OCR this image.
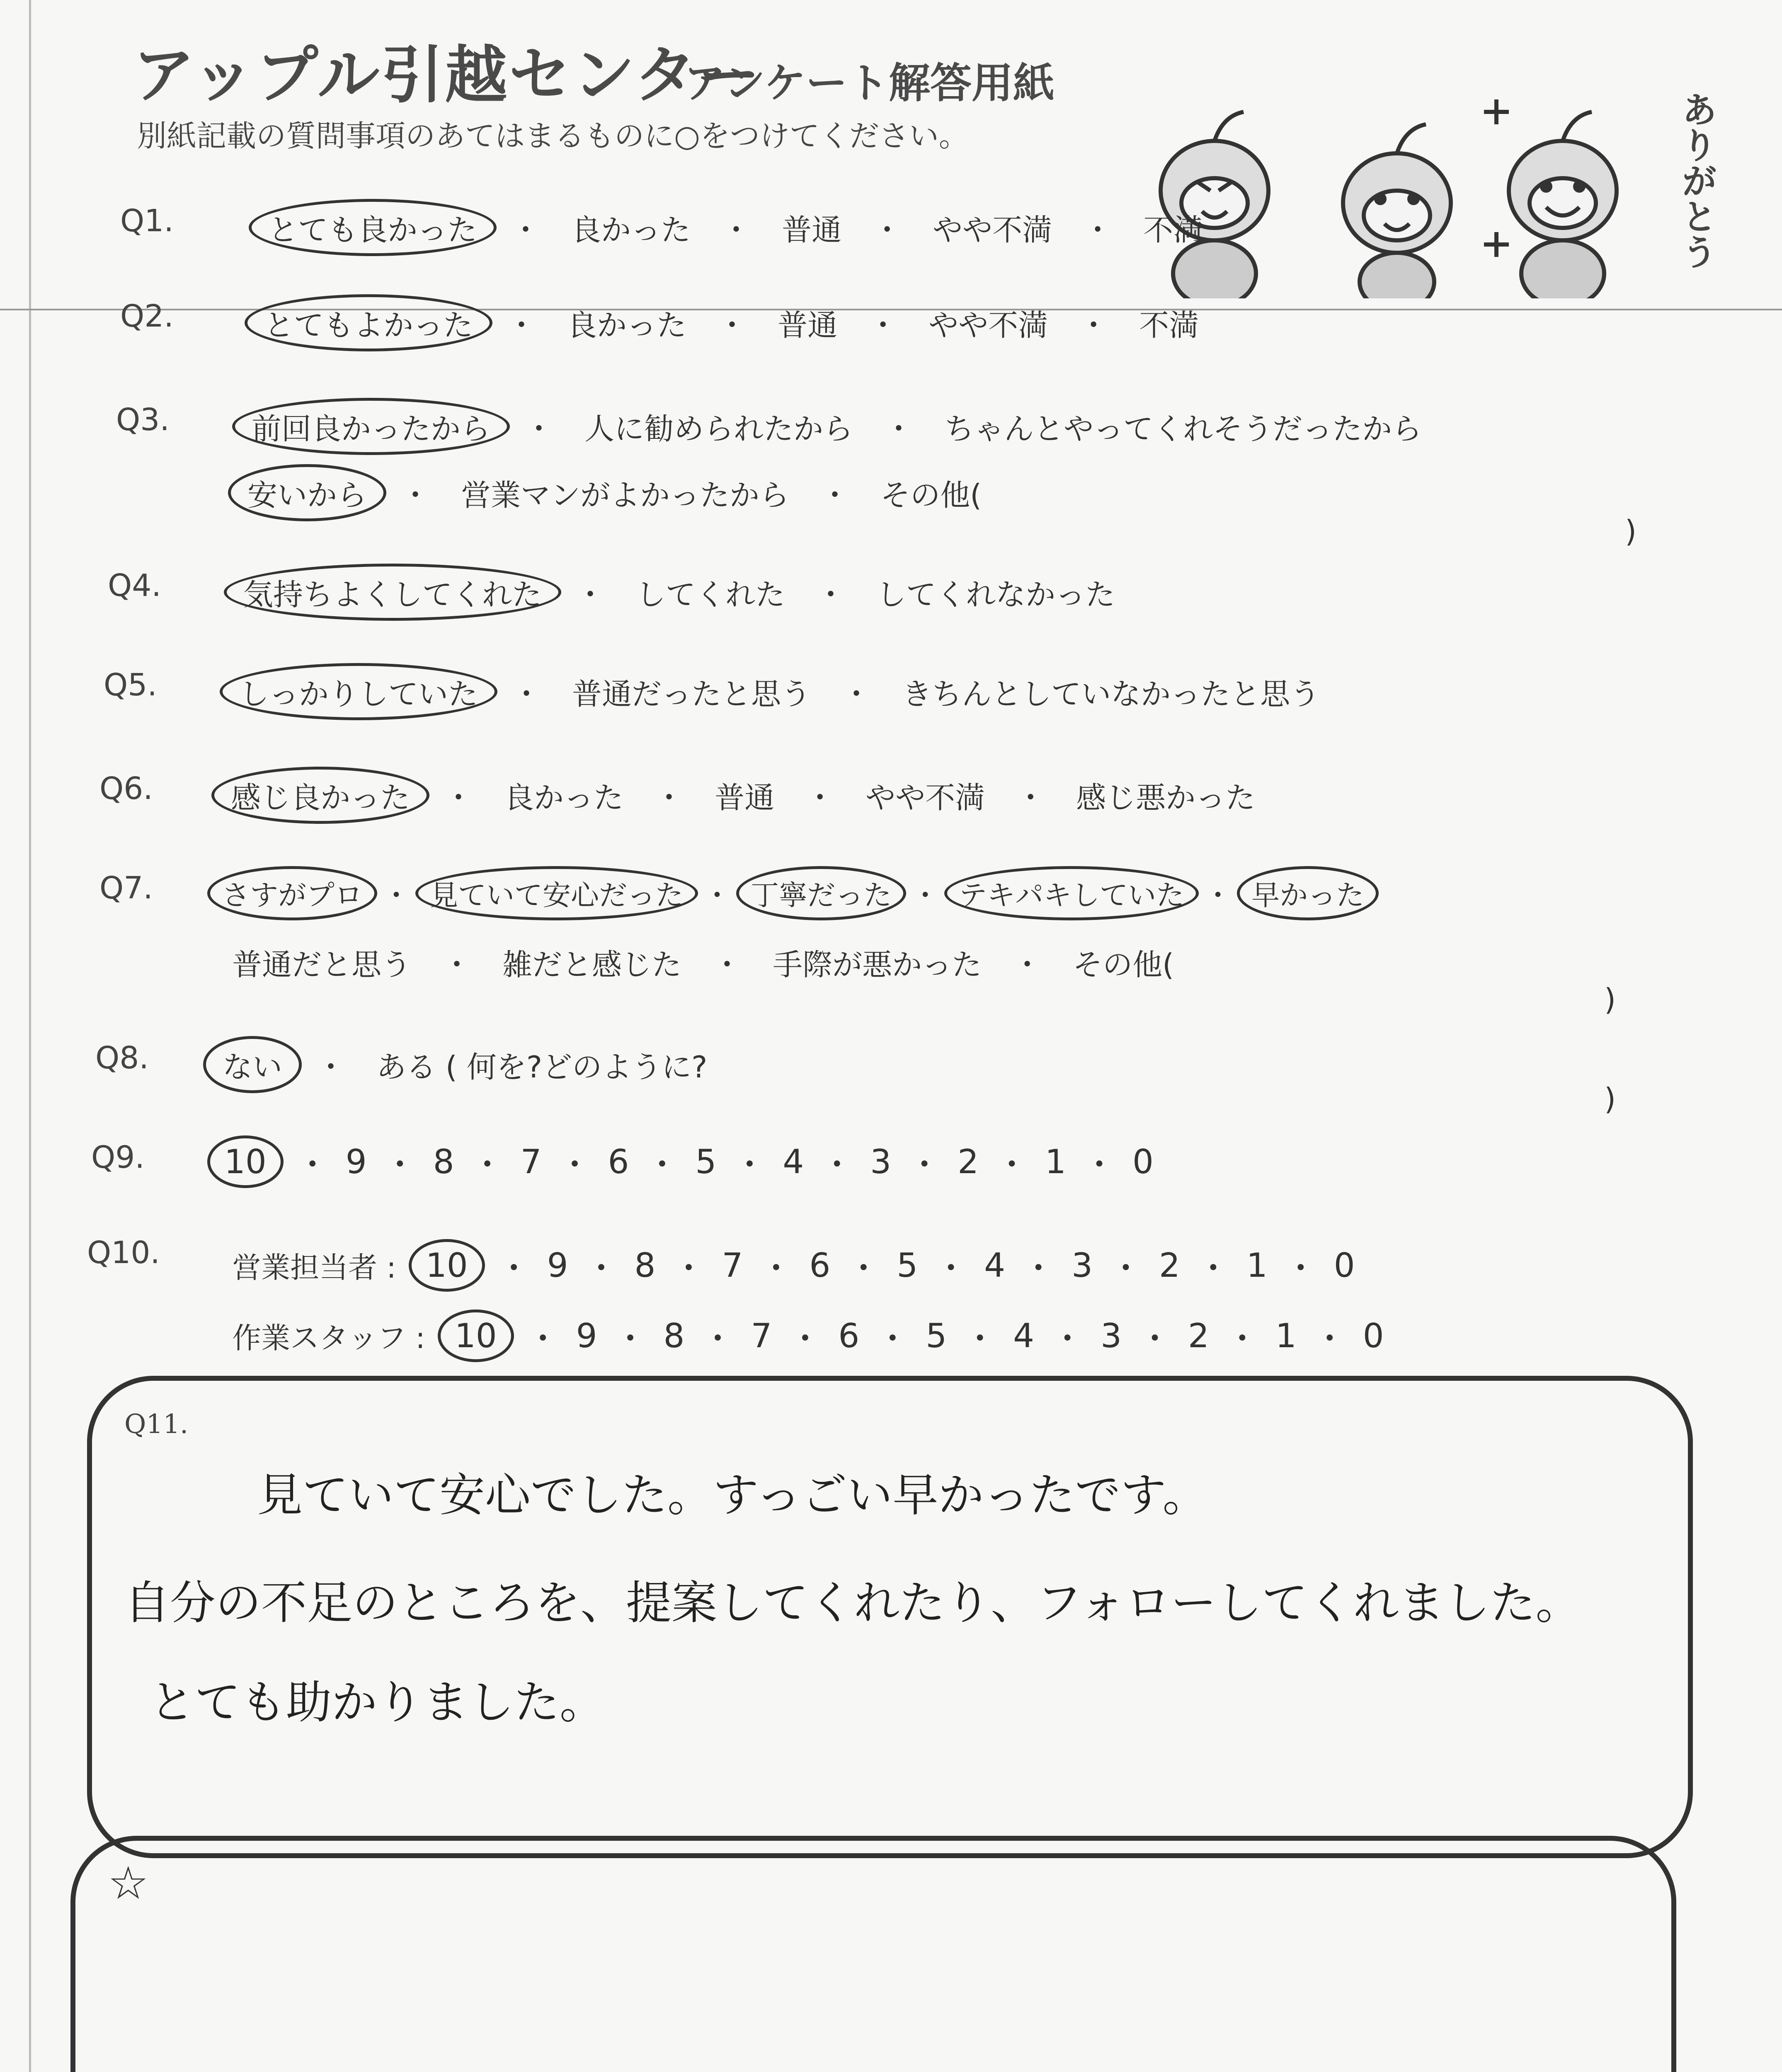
アップル引越センター
アンケート解答用紙
別紙記載の質問事項のあてはまるものに○をつけてください。	ありがとう
Q1.	とても良かった	・	良かった	・	普通	・	やや不満	・	不満
Q2.	とてもよかった	・	良かった	・	普通	・	やや不満	・	不満
Q3.	前回良かったから	・	人に勧められたから	・	ちゃんとやってくれそうだったから
安いから	・	営業マンがよかったから	・	その他(
)
Q4.	気持ちよくしてくれた	・	してくれた	・	してくれなかった
Q5.	しっかりしていた	・	普通だったと思う	・	きちんとしていなかったと思う
Q6.	感じ良かった	・	良かった	・	普通	・	やや不満	・	感じ悪かった
Q7.	さすがプロ ・ 見ていて安心だった ・ 丁寧だった ・ テキパキしていた ・ 早かった
普通だと思う	・	雑だと感じた	・	手際が悪かった	・	その他(
)
Q8.	ない	・	ある ( 何を?どのように?
)
Q9.	10 ・ 9 ・ 8 ・ 7 ・ 6 ・ 5 ・ 4 ・ 3 ・ 2 ・ 1 ・ 0
Q10. 営業担当者 : 10 ・ 9 ・ 8 ・ 7 ・ 6 ・ 5 ・ 4 ・ 3 ・ 2 ・ 1 ・ 0
作業スタッフ : 10 ・ 9 ・ 8 ・ 7 ・ 6 ・ 5 ・ 4 ・ 3 ・ 2 ・ 1 ・ 0
Q11.
見ていて安心でした。すっごい早かったです。
自分の不足のところを、提案してくれたり、フォローしてくれました。
とても助かりました。
☆
